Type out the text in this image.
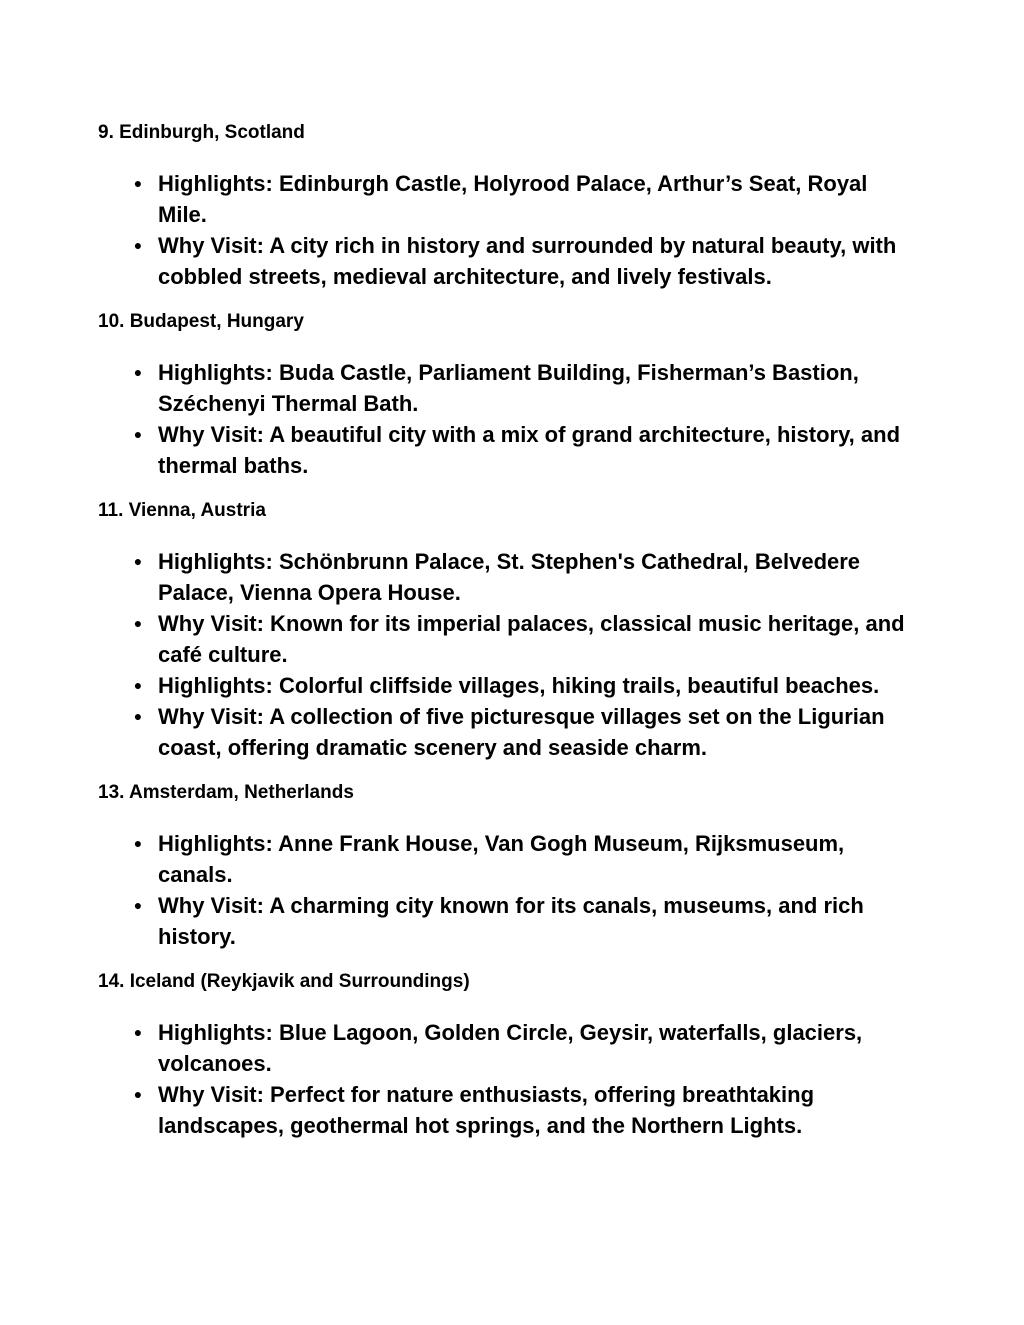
9. Edinburgh, Scotland

● Highlights: Edinburgh Castle, Holyrood Palace, Arthur’s Seat, Royal Mile.
● Why Visit: A city rich in history and surrounded by natural beauty, with cobbled streets, medieval architecture, and lively festivals.

10. Budapest, Hungary

● Highlights: Buda Castle, Parliament Building, Fisherman’s Bastion, Széchenyi Thermal Bath.
● Why Visit: A beautiful city with a mix of grand architecture, history, and thermal baths.

11. Vienna, Austria

● Highlights: Schönbrunn Palace, St. Stephen's Cathedral, Belvedere Palace, Vienna Opera House.
● Why Visit: Known for its imperial palaces, classical music heritage, and café culture.
● Highlights: Colorful cliffside villages, hiking trails, beautiful beaches.
● Why Visit: A collection of five picturesque villages set on the Ligurian coast, offering dramatic scenery and seaside charm.

13. Amsterdam, Netherlands

● Highlights: Anne Frank House, Van Gogh Museum, Rijksmuseum, canals.
● Why Visit: A charming city known for its canals, museums, and rich history.

14. Iceland (Reykjavik and Surroundings)

● Highlights: Blue Lagoon, Golden Circle, Geysir, waterfalls, glaciers, volcanoes.
● Why Visit: Perfect for nature enthusiasts, offering breathtaking landscapes, geothermal hot springs, and the Northern Lights.
